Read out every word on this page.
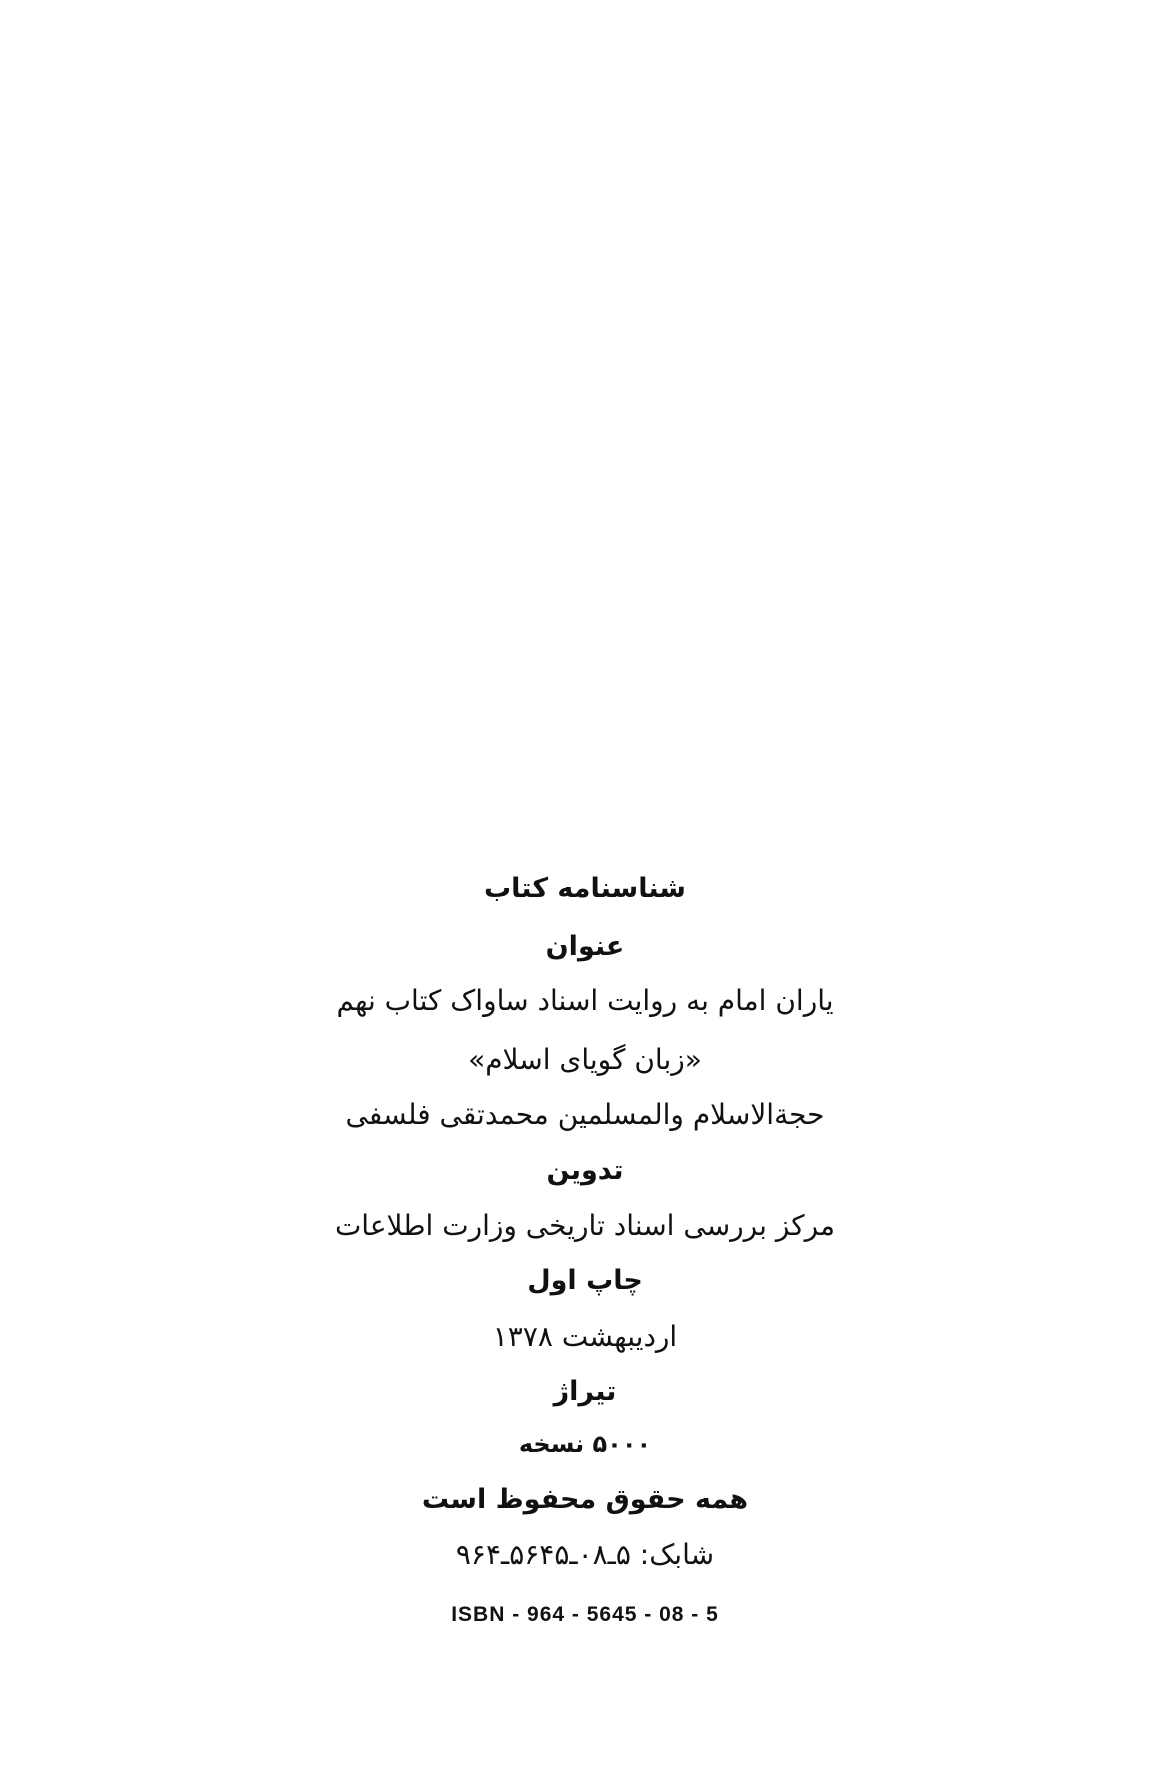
شناسنامه کتاب
عنوان
یاران امام به روایت اسناد ساواک کتاب نهم
«زبان گویای اسلام»
حجةالاسلام والمسلمین محمدتقی فلسفی
تدوین
مرکز بررسی اسناد تاریخی وزارت اطلاعات
چاپ اول
اردیبهشت ۱۳۷۸
تیراژ
۵۰۰۰ نسخه
همه حقوق محفوظ است
شابک: ۵ـ۰۸ـ۵۶۴۵ـ۹۶۴
ISBN - 964 - 5645 - 08 - 5
